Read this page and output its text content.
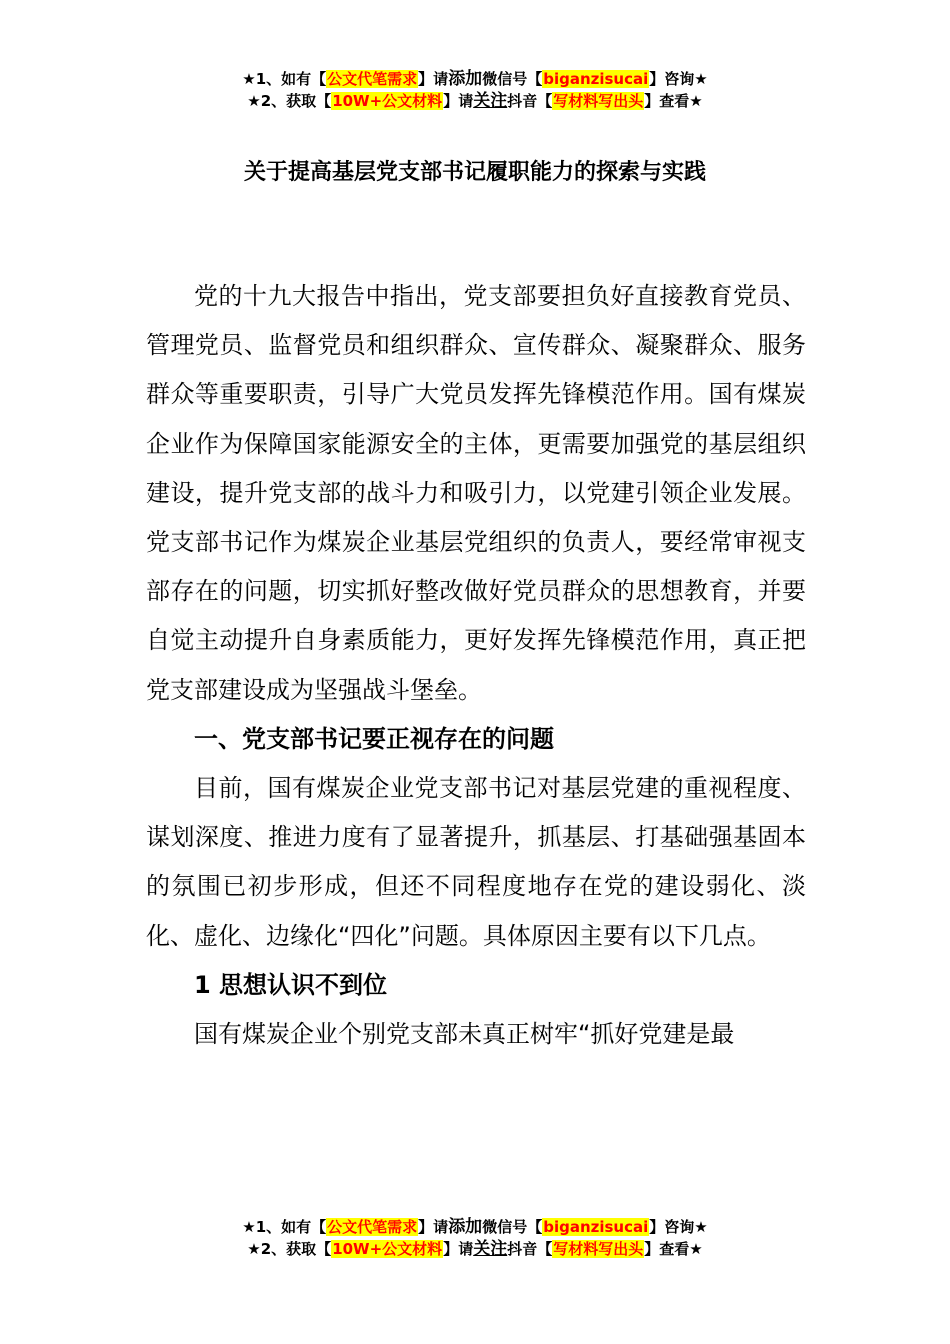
★1、如有【公文代笔需求】请添加微信号【biganzisucai】咨询★
★2、获取【10W+公文材料】请关注抖音【写材料写出头】查看★
关于提高基层党支部书记履职能力的探索与实践

党的十九大报告中指出，党支部要担负好直接教育党员、管理党员、监督党员和组织群众、宣传群众、凝聚群众、服务群众等重要职责，引导广大党员发挥先锋模范作用。国有煤炭企业作为保障国家能源安全的主体，更需要加强党的基层组织建设，提升党支部的战斗力和吸引力，以党建引领企业发展。党支部书记作为煤炭企业基层党组织的负责人，要经常审视支部存在的问题，切实抓好整改做好党员群众的思想教育，并要自觉主动提升自身素质能力，更好发挥先锋模范作用，真正把党支部建设成为坚强战斗堡垒。

一、党支部书记要正视存在的问题

目前，国有煤炭企业党支部书记对基层党建的重视程度、谋划深度、推进力度有了显著提升，抓基层、打基础强基固本的氛围已初步形成，但还不同程度地存在党的建设弱化、淡化、虚化、边缘化“四化”问题。具体原因主要有以下几点。

1 思想认识不到位

国有煤炭企业个别党支部未真正树牢“抓好党建是最

★1、如有【公文代笔需求】请添加微信号【biganzisucai】咨询★
★2、获取【10W+公文材料】请关注抖音【写材料写出头】查看★
